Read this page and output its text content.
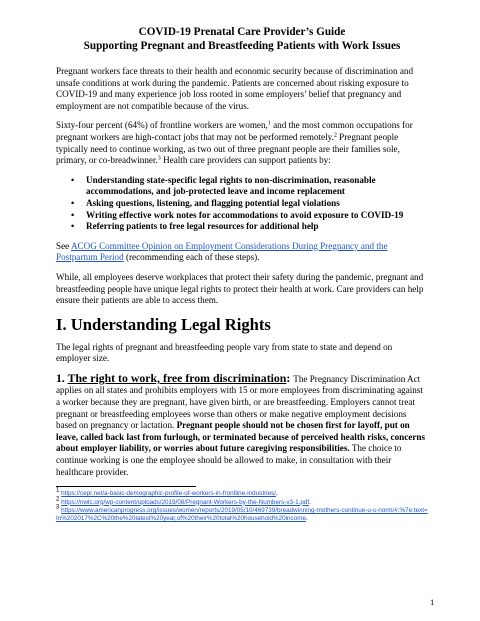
COVID-19 Prenatal Care Provider’s Guide
Supporting Pregnant and Breastfeeding Patients with Work Issues

Pregnant workers face threats to their health and economic security because of discrimination and unsafe conditions at work during the pandemic. Patients are concerned about risking exposure to COVID-19 and many experience job loss rooted in some employers’ belief that pregnancy and employment are not compatible because of the virus.

Sixty-four percent (64%) of frontline workers are women,$^1$ and the most common occupations for pregnant workers are high-contact jobs that may not be performed remotely.$^2$ Pregnant people typically need to continue working, as two out of three pregnant people are their families sole, primary, or co-breadwinner.$^3$ Health care providers can support patients by:

• Understanding state-specific legal rights to non-discrimination, reasonable accommodations, and job-protected leave and income replacement
• Asking questions, listening, and flagging potential legal violations
• Writing effective work notes for accommodations to avoid exposure to COVID-19
• Referring patients to free legal resources for additional help

See ACOG Committee Opinion on Employment Considerations During Pregnancy and the Postpartum Period (recommending each of these steps).

While, all employees deserve workplaces that protect their safety during the pandemic, pregnant and breastfeeding people have unique legal rights to protect their health at work. Care providers can help ensure their patients are able to access them.

I. Understanding Legal Rights

The legal rights of pregnant and breastfeeding people vary from state to state and depend on employer size.

1. The right to work, free from discrimination: The Pregnancy Discrimination Act applies on all states and prohibits employers with 15 or more employees from discriminating against a worker because they are pregnant, have given birth, or are breastfeeding. Employers cannot treat pregnant or breastfeeding employees worse than others or make negative employment decisions based on pregnancy or lactation. Pregnant people should not be chosen first for layoff, put on leave, called back last from furlough, or terminated because of perceived health risks, concerns about employer liability, or worries about future caregiving responsibilities. The choice to continue working is one the employee should be allowed to make, in consultation with their healthcare provider.

$^1$ https://cepr.net/a-basic-demographic-profile-of-workers-in-frontline-industries/.

$^2$ https://nwlc.org/wp-content/uploads/2019/08/Pregnant-Workers-by-the-Numbers-v3-1.pdf.

$^3$ https://www.americanprogress.org/issues/women/reports/2019/05/10/469739/breadwinning-mothers-continue-u-s-norm/#:%7e:text=In%202017%2C%20the%20latest%20year,of%20their%20total%20household%20income.

1
